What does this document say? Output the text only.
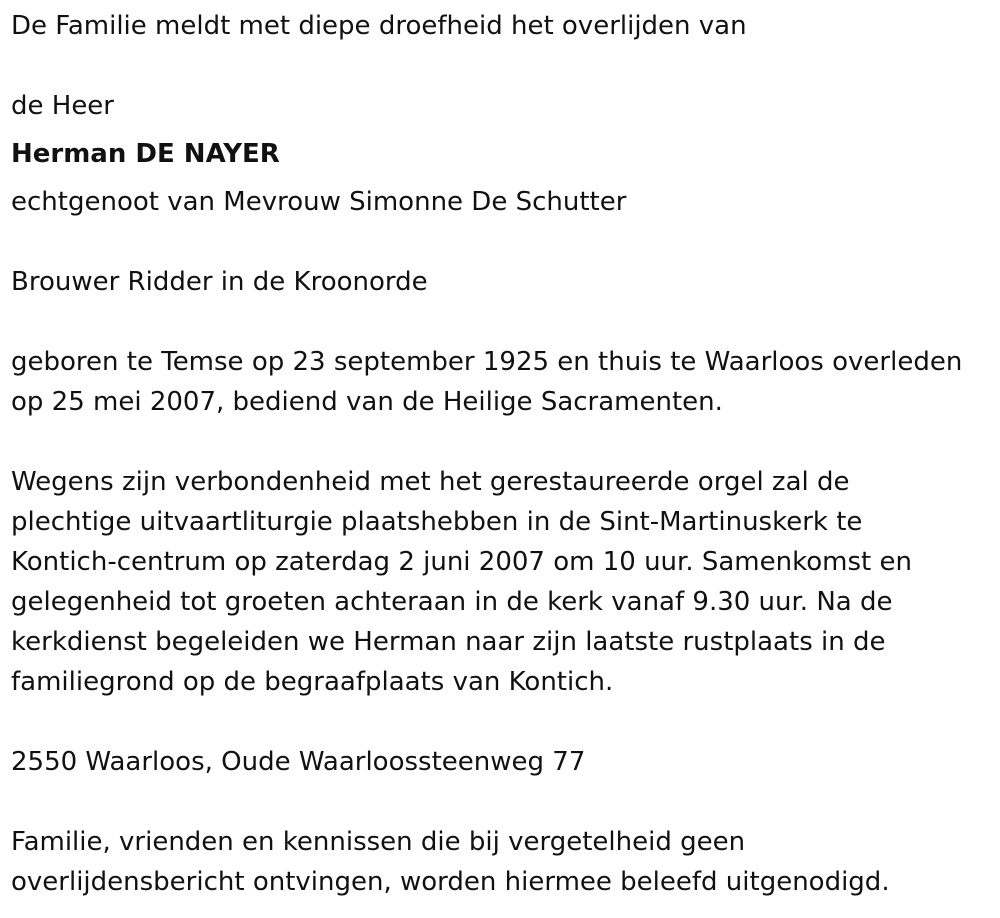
De Familie meldt met diepe droefheid het overlijden van
de Heer
Herman DE NAYER
echtgenoot van Mevrouw Simonne De Schutter
Brouwer Ridder in de Kroonorde
geboren te Temse op 23 september 1925 en thuis te Waarloos overleden
op 25 mei 2007, bediend van de Heilige Sacramenten.
Wegens zijn verbondenheid met het gerestaureerde orgel zal de
plechtige uitvaartliturgie plaatshebben in de Sint-Martinuskerk te
Kontich-centrum op zaterdag 2 juni 2007 om 10 uur. Samenkomst en
gelegenheid tot groeten achteraan in de kerk vanaf 9.30 uur. Na de
kerkdienst begeleiden we Herman naar zijn laatste rustplaats in de
familiegrond op de begraafplaats van Kontich.
2550 Waarloos, Oude Waarloossteenweg 77
Familie, vrienden en kennissen die bij vergetelheid geen
overlijdensbericht ontvingen, worden hiermee beleefd uitgenodigd.
